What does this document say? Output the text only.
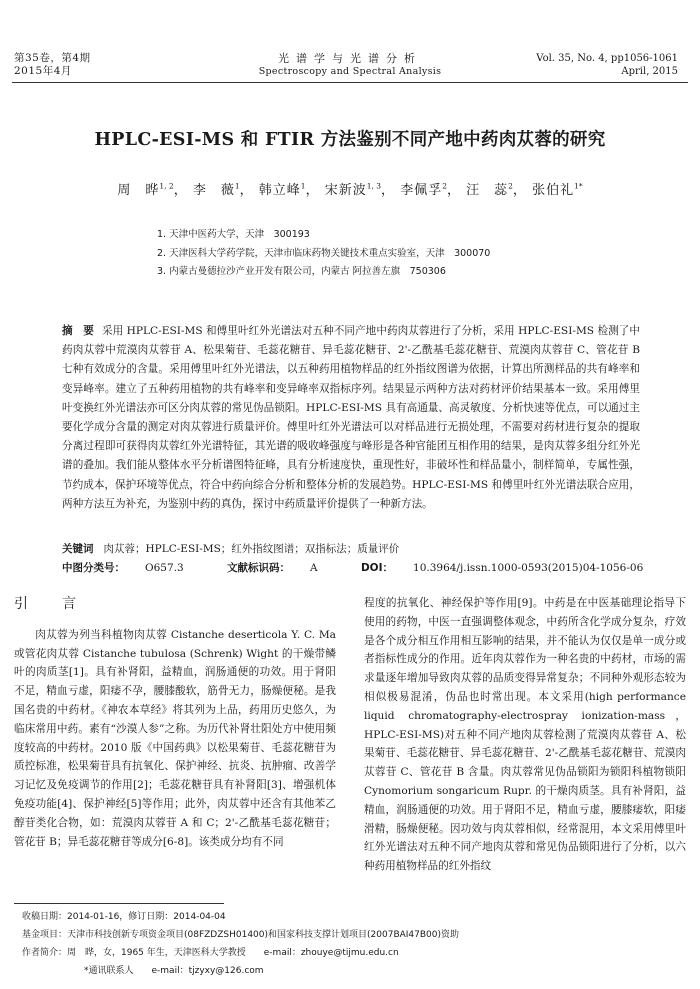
第35卷，第4期
2015年4月
光谱学与光谱分析
Spectroscopy and Spectral Analysis
Vol. 35, No. 4, pp1056-1061
April, 2015
HPLC-ESI-MS 和 FTIR 方法鉴别不同产地中药肉苁蓉的研究
周　晔$^{1, 2}$， 李　薇$^1$， 韩立峰$^1$， 宋新波$^{1, 3}$， 李佩孚$^2$， 汪　蕊$^2$， 张伯礼$^{1*}$
1. 天津中医药大学，天津　300193
2. 天津医科大学药学院，天津市临床药物关键技术重点实验室，天津　300070
3. 内蒙古曼德拉沙产业开发有限公司，内蒙古 阿拉善左旗　750306
摘　要 采用 HPLC-ESI-MS 和傅里叶红外光谱法对五种不同产地中药肉苁蓉进行了分析，采用 HPLC-ESI-MS 检测了中药肉苁蓉中荒漠肉苁蓉苷 A、松果菊苷、毛蕊花糖苷、异毛蕊花糖苷、2'-乙酰基毛蕊花糖苷、荒漠肉苁蓉苷 C、管花苷 B 七种有效成分的含量。采用傅里叶红外光谱法，以五种药用植物样品的红外指纹图谱为依据，计算出所测样品的共有峰率和变异峰率。建立了五种药用植物的共有峰率和变异峰率双指标序列。结果显示两种方法对药材评价结果基本一致。采用傅里叶变换红外光谱法亦可区分肉苁蓉的常见伪品锁阳。HPLC-ESI-MS 具有高通量、高灵敏度、分析快速等优点，可以通过主要化学成分含量的测定对肉苁蓉进行质量评价。傅里叶红外光谱法可以对样品进行无损处理，不需要对药材进行复杂的提取分离过程即可获得肉苁蓉红外光谱特征，其光谱的吸收峰强度与峰形是各种官能团互相作用的结果，是肉苁蓉多组分红外光谱的叠加。我们能从整体水平分析谱图特征峰，具有分析速度快，重现性好，非破坏性和样品量小，制样简单，专属性强，节约成本，保护环境等优点，符合中药向综合分析和整体分析的发展趋势。HPLC-ESI-MS 和傅里叶红外光谱法联合应用，两种方法互为补充，为鉴别中药的真伪，探讨中药质量评价提供了一种新方法。
关键词 肉苁蓉；HPLC-ESI-MS；红外指纹图谱；双指标法；质量评价
中图分类号： O657.3	文献标识码： A	DOI： 10.3964/j.issn.1000-0593(2015)04-1056-06
引　言

肉苁蓉为列当科植物肉苁蓉 Cistanche deserticola Y. C. Ma 或管花肉苁蓉 Cistanche tubulosa (Schrenk) Wight 的干燥带鳞叶的肉质茎[1]。具有补肾阳，益精血，润肠通便的功效。用于肾阳不足，精血亏虚，阳痿不孕，腰膝酸软，筋骨无力，肠燥便秘。是我国名贵的中药材。《神农本草经》将其列为上品，药用历史悠久，为临床常用中药。素有“沙漠人参”之称。为历代补肾壮阳处方中使用频度较高的中药材。2010 版《中国药典》以松果菊苷、毛蕊花糖苷为质控标准，松果菊苷具有抗氧化、保护神经、抗炎、抗肿瘤、改善学习记忆及免疫调节的作用[2]；毛蕊花糖苷具有补肾阳[3]、增强机体免疫功能[4]、保护神经[5]等作用；此外，肉苁蓉中还含有其他苯乙醇苷类化合物，如：荒漠肉苁蓉苷 A 和 C；2'-乙酰基毛蕊花糖苷；管花苷 B；异毛蕊花糖苷等成分[6-8]。该类成分均有不同

程度的抗氧化、神经保护等作用[9]。中药是在中医基础理论指导下使用的药物，中医一直强调整体观念，中药所含化学成分复杂，疗效是各个成分相互作用相互影响的结果，并不能认为仅仅是单一成分或者指标性成分的作用。近年肉苁蓉作为一种名贵的中药材，市场的需求量逐年增加导致肉苁蓉的品质变得异常复杂；不同种外观形态较为相似极易混淆，伪品也时常出现。本文采用(high performance liquid chromatography-electrospray ionization-mass，HPLC-ESI-MS)对五种不同产地肉苁蓉检测了荒漠肉苁蓉苷 A、松果菊苷、毛蕊花糖苷、异毛蕊花糖苷、2'-乙酰基毛蕊花糖苷、荒漠肉苁蓉苷 C、管花苷 B 含量。肉苁蓉常见伪品锁阳为锁阳科植物锁阳 Cynomorium songaricum Rupr. 的干燥肉质茎。具有补肾阳，益精血，润肠通便的功效。用于肾阳不足，精血亏虚，腰膝痿软，阳痿滑精，肠燥便秘。因功效与肉苁蓉相似，经常混用，本文采用傅里叶红外光谱法对五种不同产地肉苁蓉和常见伪品锁阳进行了分析，以六种药用植物样品的红外指纹

收稿日期：2014-01-16，修订日期：2014-04-04
基金项目：天津市科技创新专项资金项目(08FZDZSH01400)和国家科技支撑计划项目(2007BAI47B00)资助
作者简介：周　晔，女，1965 年生，天津医科大学教授　　e-mail：zhouye@tijmu.edu.cn
*通讯联系人　　e-mail：tjzyxy@126.com
